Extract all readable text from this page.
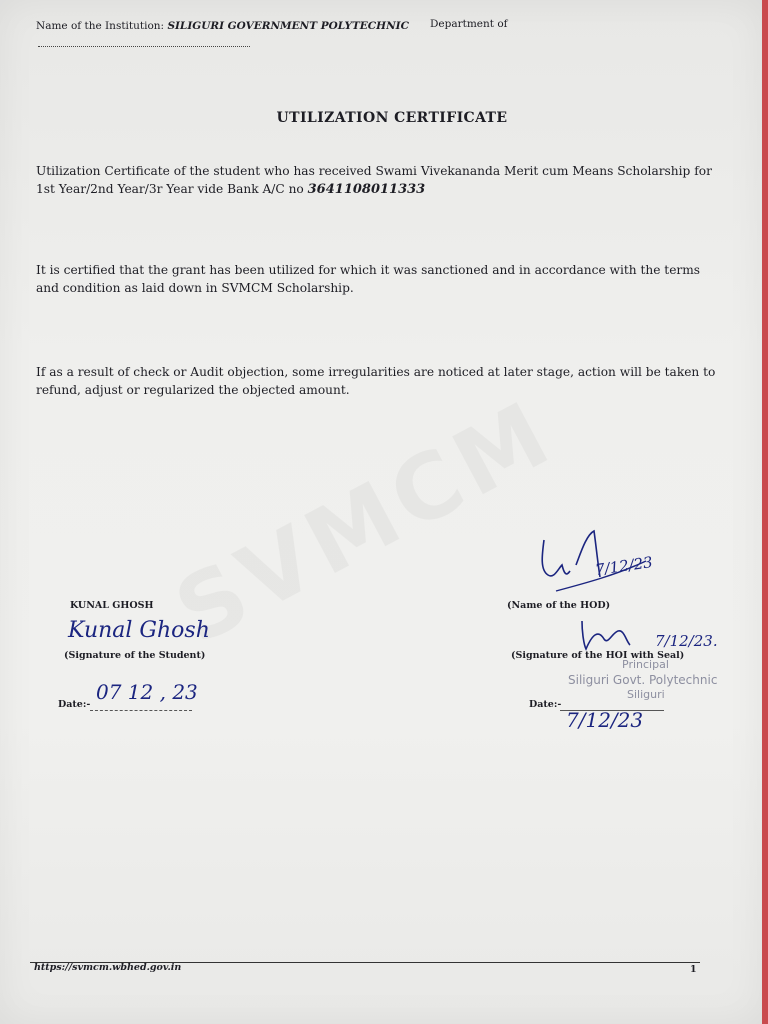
Name of the Institution: SILIGURI GOVERNMENT POLYTECHNIC Department of
UTILIZATION CERTIFICATE
Utilization Certificate of the student who has received Swami Vivekananda Merit cum Means Scholarship for 1st Year/2nd Year/3r Year vide Bank A/C no 3641108011333
It is certified that the grant has been utilized for which it was sanctioned and in accordance with the terms and condition as laid down in SVMCM Scholarship.
If as a result of check or Audit objection, some irregularities are noticed at later stage, action will be taken to refund, adjust or regularized the objected amount.
7/12/23
KUNAL GHOSH	(Name of the HOD)
Kunal Ghosh
(Signature of the Student)
7/12/23.
(Signature of the HOI with Seal)
Principal
Siliguri Govt. Polytechnic
Siliguri
Date:-
07 12 , 23
Date:-
7/12/23
https://svmcm.wbhed.gov.in	1
